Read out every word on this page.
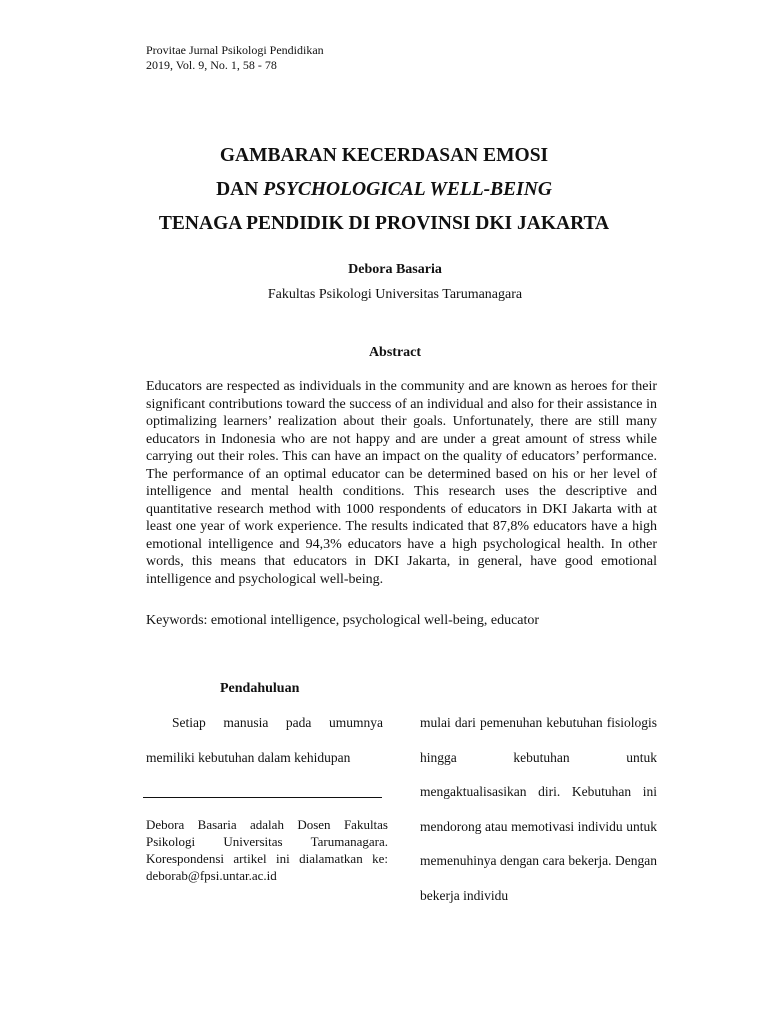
Provitae Jurnal Psikologi Pendidikan
2019, Vol. 9, No. 1, 58 - 78
GAMBARAN KECERDASAN EMOSI
DAN PSYCHOLOGICAL WELL-BEING
TENAGA PENDIDIK DI PROVINSI DKI JAKARTA
Debora Basaria
Fakultas Psikologi Universitas Tarumanagara
Abstract

Educators are respected as individuals in the community and are known as heroes for their significant contributions toward the success of an individual and also for their assistance in optimalizing learners’ realization about their goals. Unfortunately, there are still many educators in Indonesia who are not happy and are under a great amount of stress while carrying out their roles. This can have an impact on the quality of educators’ performance. The performance of an optimal educator can be determined based on his or her level of intelligence and mental health conditions. This research uses the descriptive and quantitative research method with 1000 respondents of educators in DKI Jakarta with at least one year of work experience. The results indicated that 87,8% educators have a high emotional intelligence and 94,3% educators have a high psychological health. In other words, this means that educators in DKI Jakarta, in general, have good emotional intelligence and psychological well-being.

Keywords: emotional intelligence, psychological well-being, educator
Pendahuluan

Setiap manusia pada umumnya memiliki kebutuhan dalam kehidupan

Debora Basaria adalah Dosen Fakultas Psikologi Universitas Tarumanagara. Korespondensi artikel ini dialamatkan ke: deborab@fpsi.untar.ac.id

mulai dari pemenuhan kebutuhan fisiologis hingga kebutuhan untuk mengaktualisasikan diri. Kebutuhan ini mendorong atau memotivasi individu untuk memenuhinya dengan cara bekerja. Dengan bekerja individu
